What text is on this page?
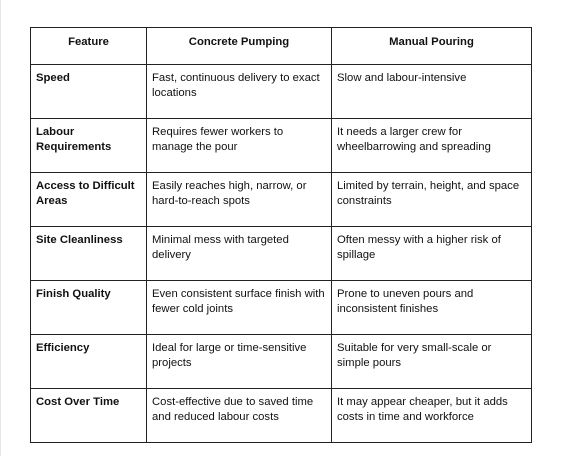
Feature	Concrete Pumping	Manual Pouring
Speed	Fast, continuous delivery to exact locations	Slow and labour-intensive
Labour Requirements	Requires fewer workers to manage the pour	It needs a larger crew for wheelbarrowing and spreading
Access to Difficult Areas	Easily reaches high, narrow, or hard-to-reach spots	Limited by terrain, height, and space constraints
Site Cleanliness	Minimal mess with targeted delivery	Often messy with a higher risk of spillage
Finish Quality	Even consistent surface finish with fewer cold joints	Prone to uneven pours and inconsistent finishes
Efficiency	Ideal for large or time-sensitive projects	Suitable for very small-scale or simple pours
Cost Over Time	Cost-effective due to saved time and reduced labour costs	It may appear cheaper, but it adds costs in time and workforce
